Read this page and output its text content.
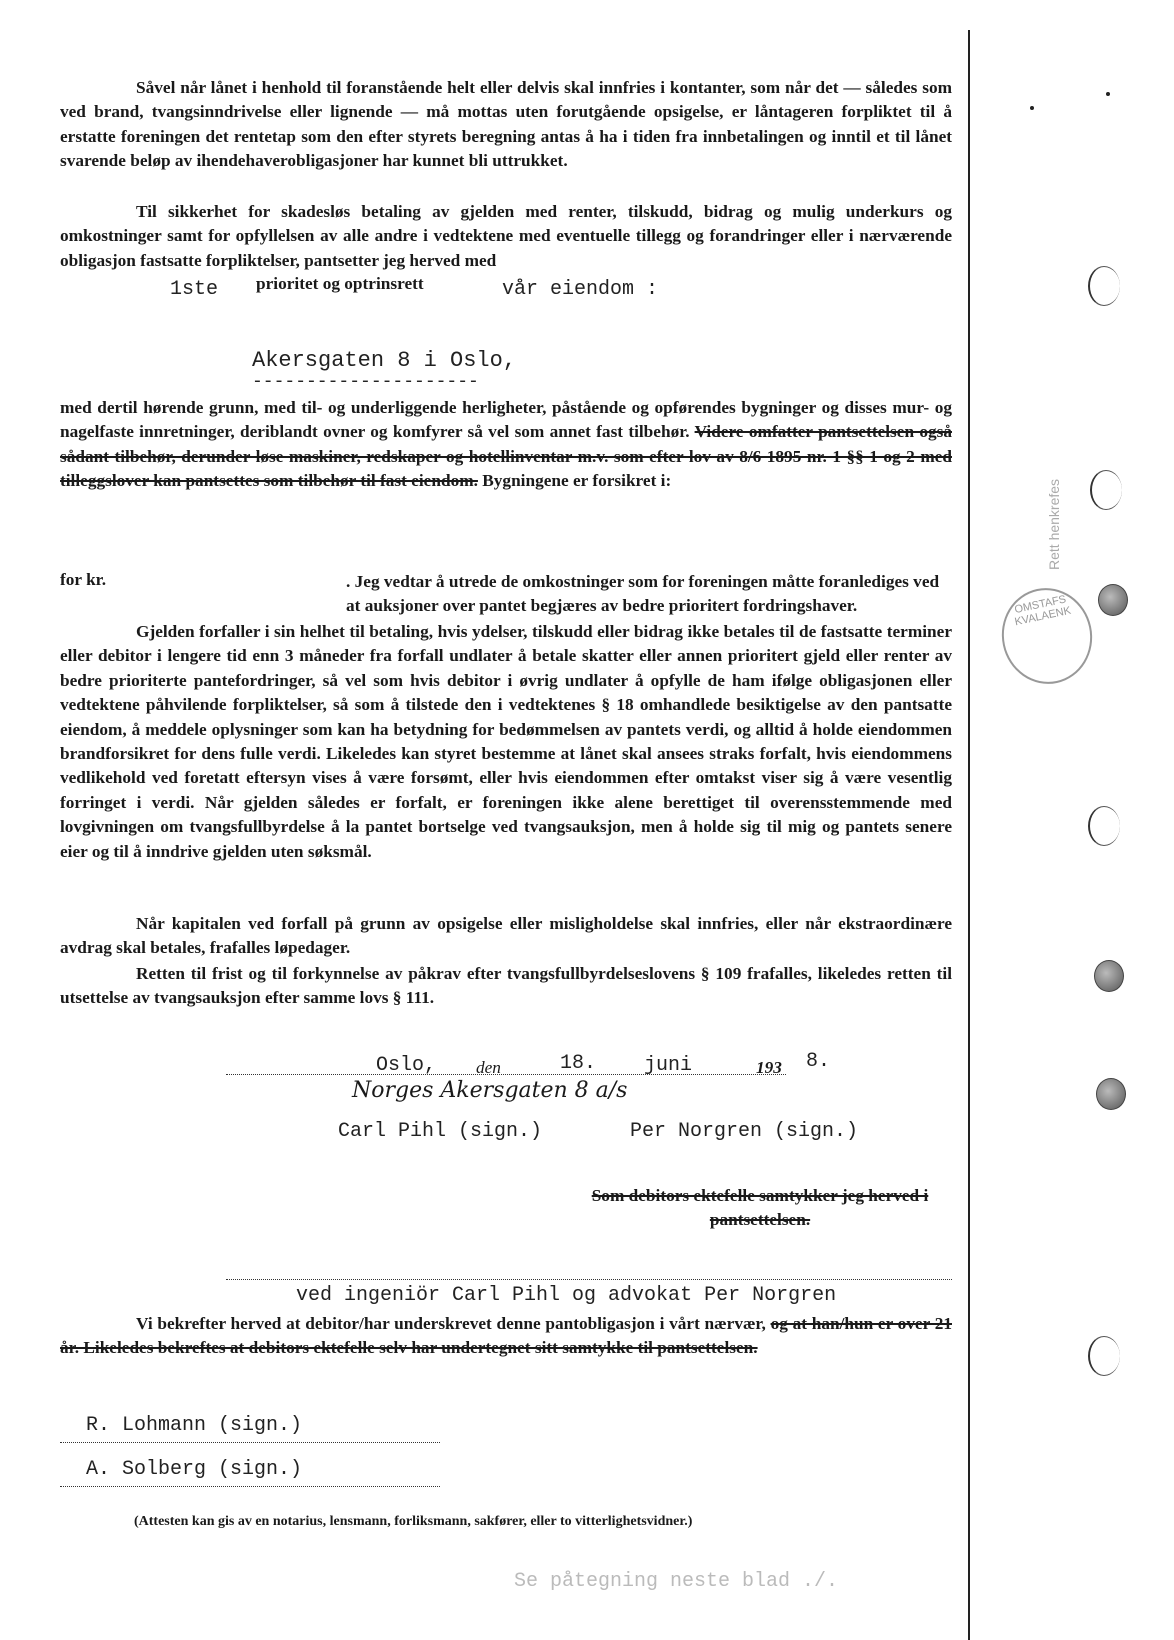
Rett henkrefes
OMSTAFS KVALAENK

Såvel når lånet i henhold til foranstående helt eller delvis skal innfries i kontanter, som når det — således som ved brand, tvangsinndrivelse eller lignende — må mottas uten forutgående opsigelse, er låntageren forpliktet til å erstatte foreningen det rentetap som den efter styrets beregning antas å ha i tiden fra innbetalingen og inntil et til lånet svarende beløp av ihendehaverobligasjoner har kunnet bli uttrukket.

Til sikkerhet for skadesløs betaling av gjelden med renter, tilskudd, bidrag og mulig underkurs og omkostninger samt for opfyllelsen av alle andre i vedtektene med eventuelle tillegg og forandringer eller i nærværende obligasjon fastsatte forpliktelser, pantsetter jeg herved med

1ste prioritet og optrinsrett	vår eiendom :
Akersgaten 8 i Oslo,
---------------------

med dertil hørende grunn, med til- og underliggende herligheter, påstående og opførendes bygninger og disses mur- og nagelfaste innretninger, deriblandt ovner og komfyrer så vel som annet fast tilbehør. Videre omfatter pantsettelsen også sådant tilbehør, derunder løse maskiner, redskaper og hotellinventar m.v. som efter lov av 8/6 1895 nr. 1 §§ 1 og 2 med tilleggslover kan pantsettes som tilbehør til fast eiendom. Bygningene er forsikret i:

for kr.	. Jeg vedtar å utrede de omkostninger som for foreningen måtte foranlediges ved at auksjoner over pantet begjæres av bedre prioritert fordringshaver.

Gjelden forfaller i sin helhet til betaling, hvis ydelser, tilskudd eller bidrag ikke betales til de fastsatte terminer eller debitor i lengere tid enn 3 måneder fra forfall undlater å betale skatter eller annen prioritert gjeld eller renter av bedre prioriterte pantefordringer, så vel som hvis debitor i øvrig undlater å opfylle de ham ifølge obligasjonen eller vedtektene påhvilende forpliktelser, så som å tilstede den i vedtektenes § 18 omhandlede besiktigelse av den pantsatte eiendom, å meddele oplysninger som kan ha betydning for bedømmelsen av pantets verdi, og alltid å holde eiendommen brandforsikret for dens fulle verdi. Likeledes kan styret bestemme at lånet skal ansees straks forfalt, hvis eiendommens vedlikehold ved foretatt eftersyn vises å være forsømt, eller hvis eiendommen efter omtakst viser sig å være vesentlig forringet i verdi. Når gjelden således er forfalt, er foreningen ikke alene berettiget til overensstemmende med lovgivningen om tvangsfullbyrdelse å la pantet bortselge ved tvangsauksjon, men å holde sig til mig og pantets senere eier og til å inndrive gjelden uten søksmål.

Når kapitalen ved forfall på grunn av opsigelse eller misligholdelse skal innfries, eller når ekstraordinære avdrag skal betales, frafalles løpedager.

Retten til frist og til forkynnelse av påkrav efter tvangsfullbyrdelseslovens § 109 frafalles, likeledes retten til utsettelse av tvangsauksjon efter samme lovs § 111.

Oslo, den	18. juni	193 8.
Norges Akersgaten 8 a/s
Carl Pihl (sign.)	Per Norgren (sign.)
Som debitors ektefelle samtykker jeg herved i pantsettelsen.
ved ingeniör Carl Pihl og advokat Per Norgren

Vi bekrefter herved at debitor/har underskrevet denne pantobligasjon i vårt nærvær, og at han/hun er over 21 år. Likeledes bekreftes at debitors ektefelle selv har undertegnet sitt samtykke til pantsettelsen.

R. Lohmann (sign.)
A. Solberg (sign.)
(Attesten kan gis av en notarius, lensmann, forliksmann, sakfører, eller to vitterlighetsvidner.)
Se påtegning neste blad ./.
